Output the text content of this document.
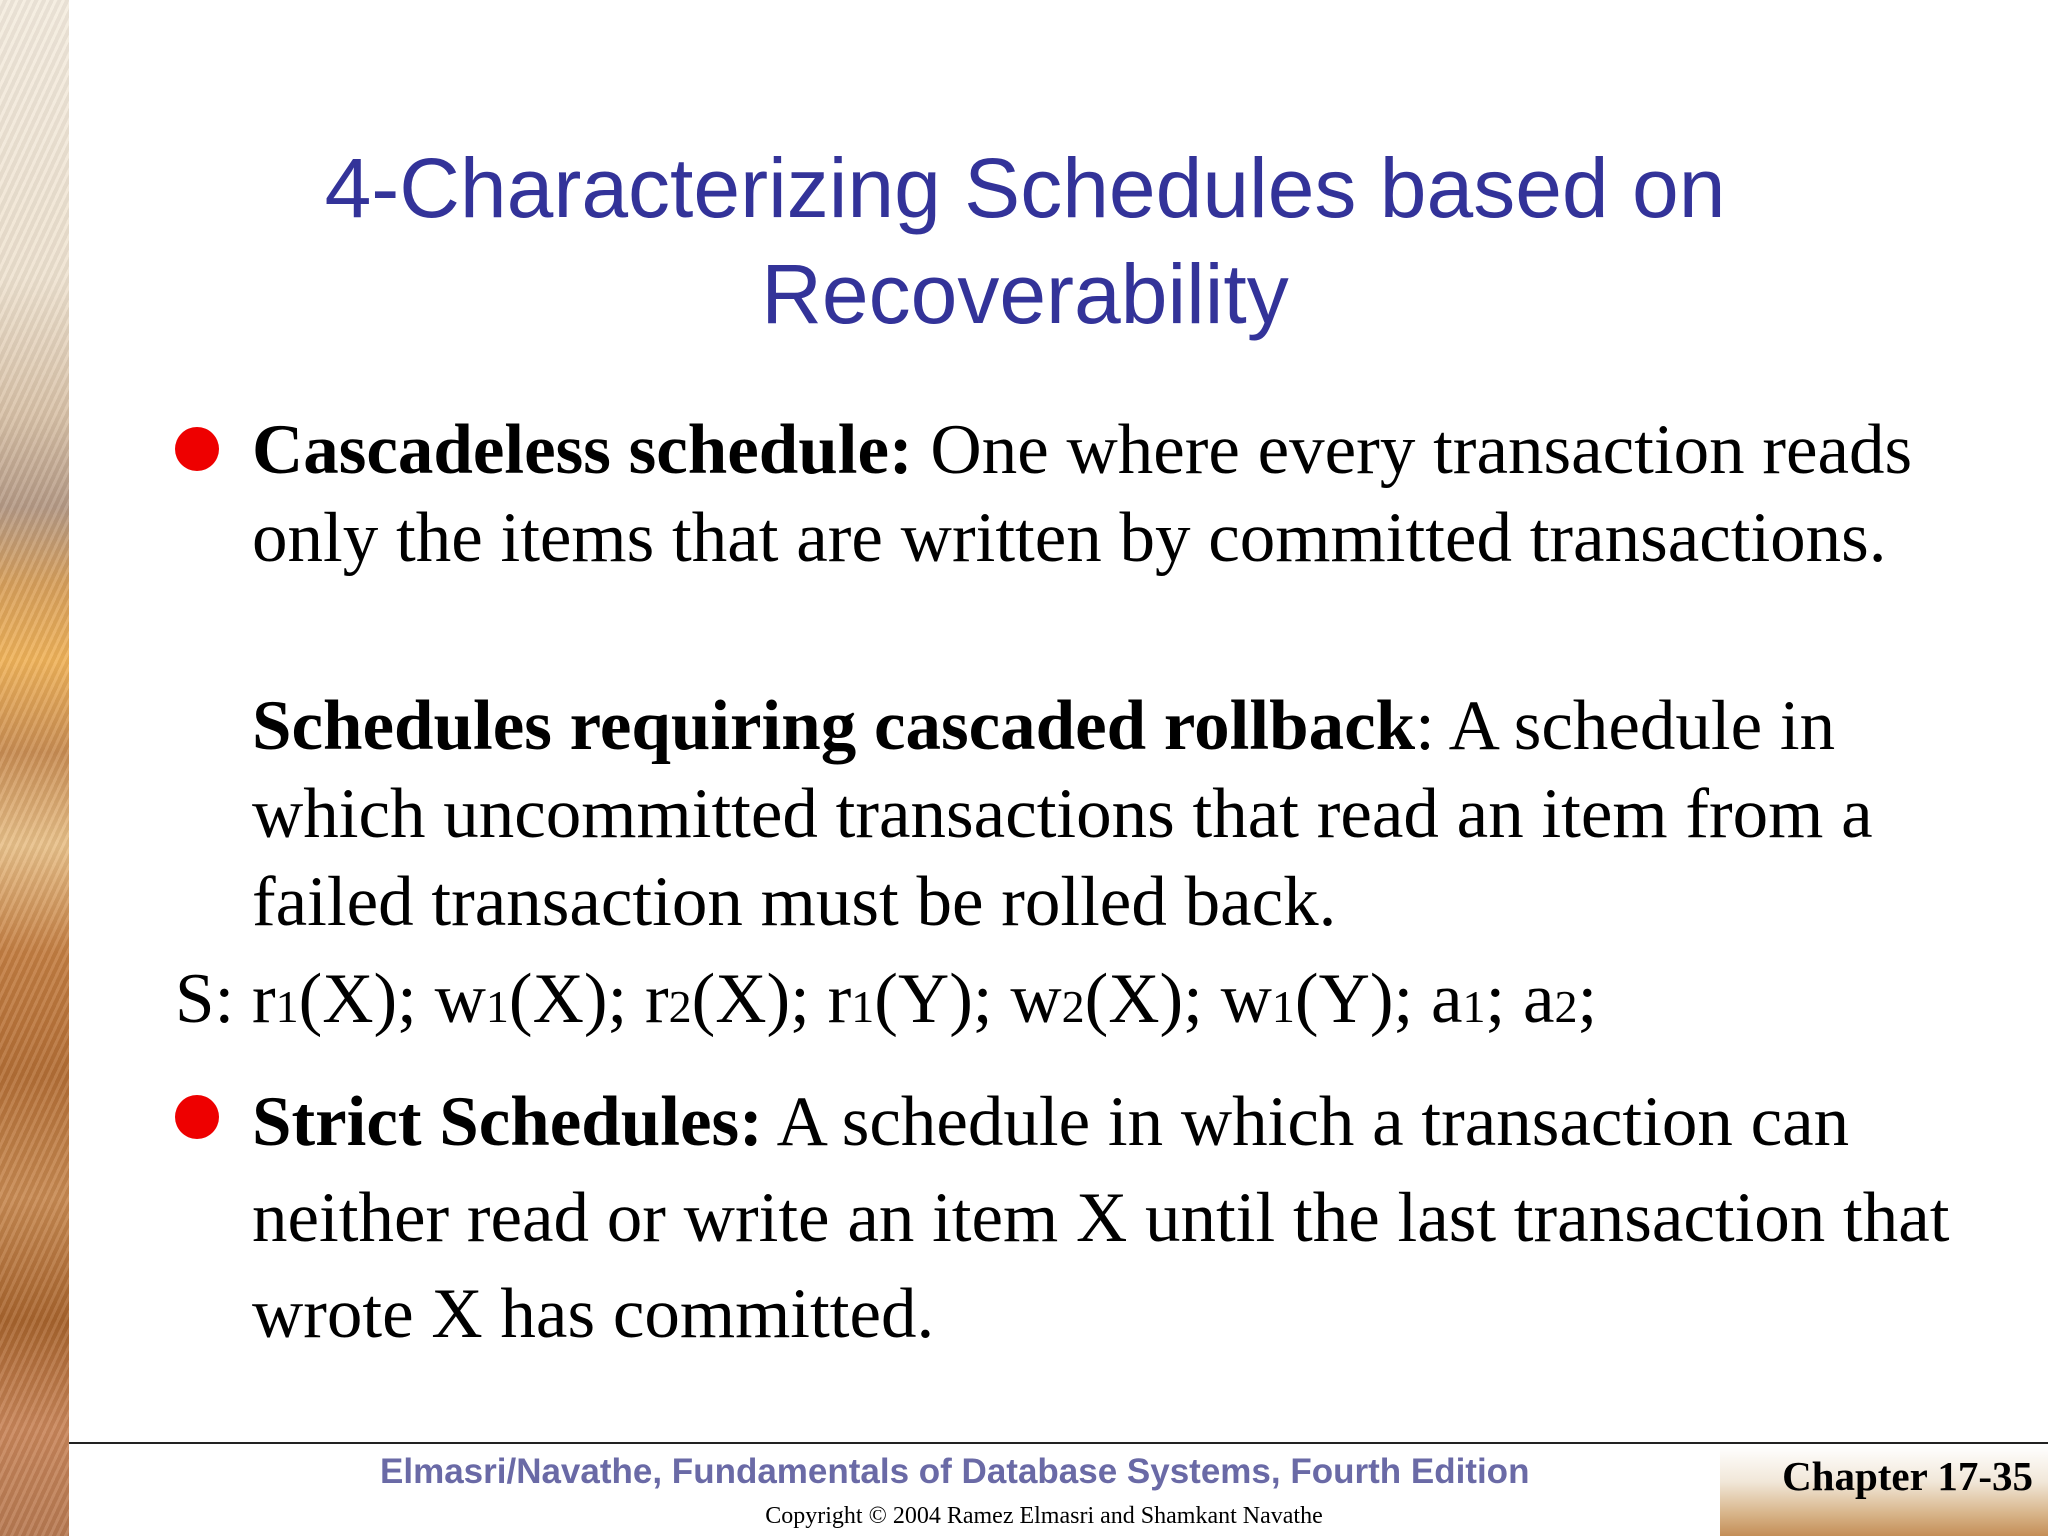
4-Characterizing Schedules based on
Recoverability

Cascadeless schedule: One where every transaction reads only the items that are written by committed transactions.

Schedules requiring cascaded rollback: A schedule in which uncommitted transactions that read an item from a failed transaction must be rolled back.

S: r1(X); w1(X); r2(X); r1(Y); w2(X); w1(Y); a1; a2;

Strict Schedules: A schedule in which a transaction can neither read or write an item X until the last transaction that wrote X has committed.

Elmasri/Navathe, Fundamentals of Database Systems, Fourth Edition	Chapter 17-35
Copyright © 2004 Ramez Elmasri and Shamkant Navathe
